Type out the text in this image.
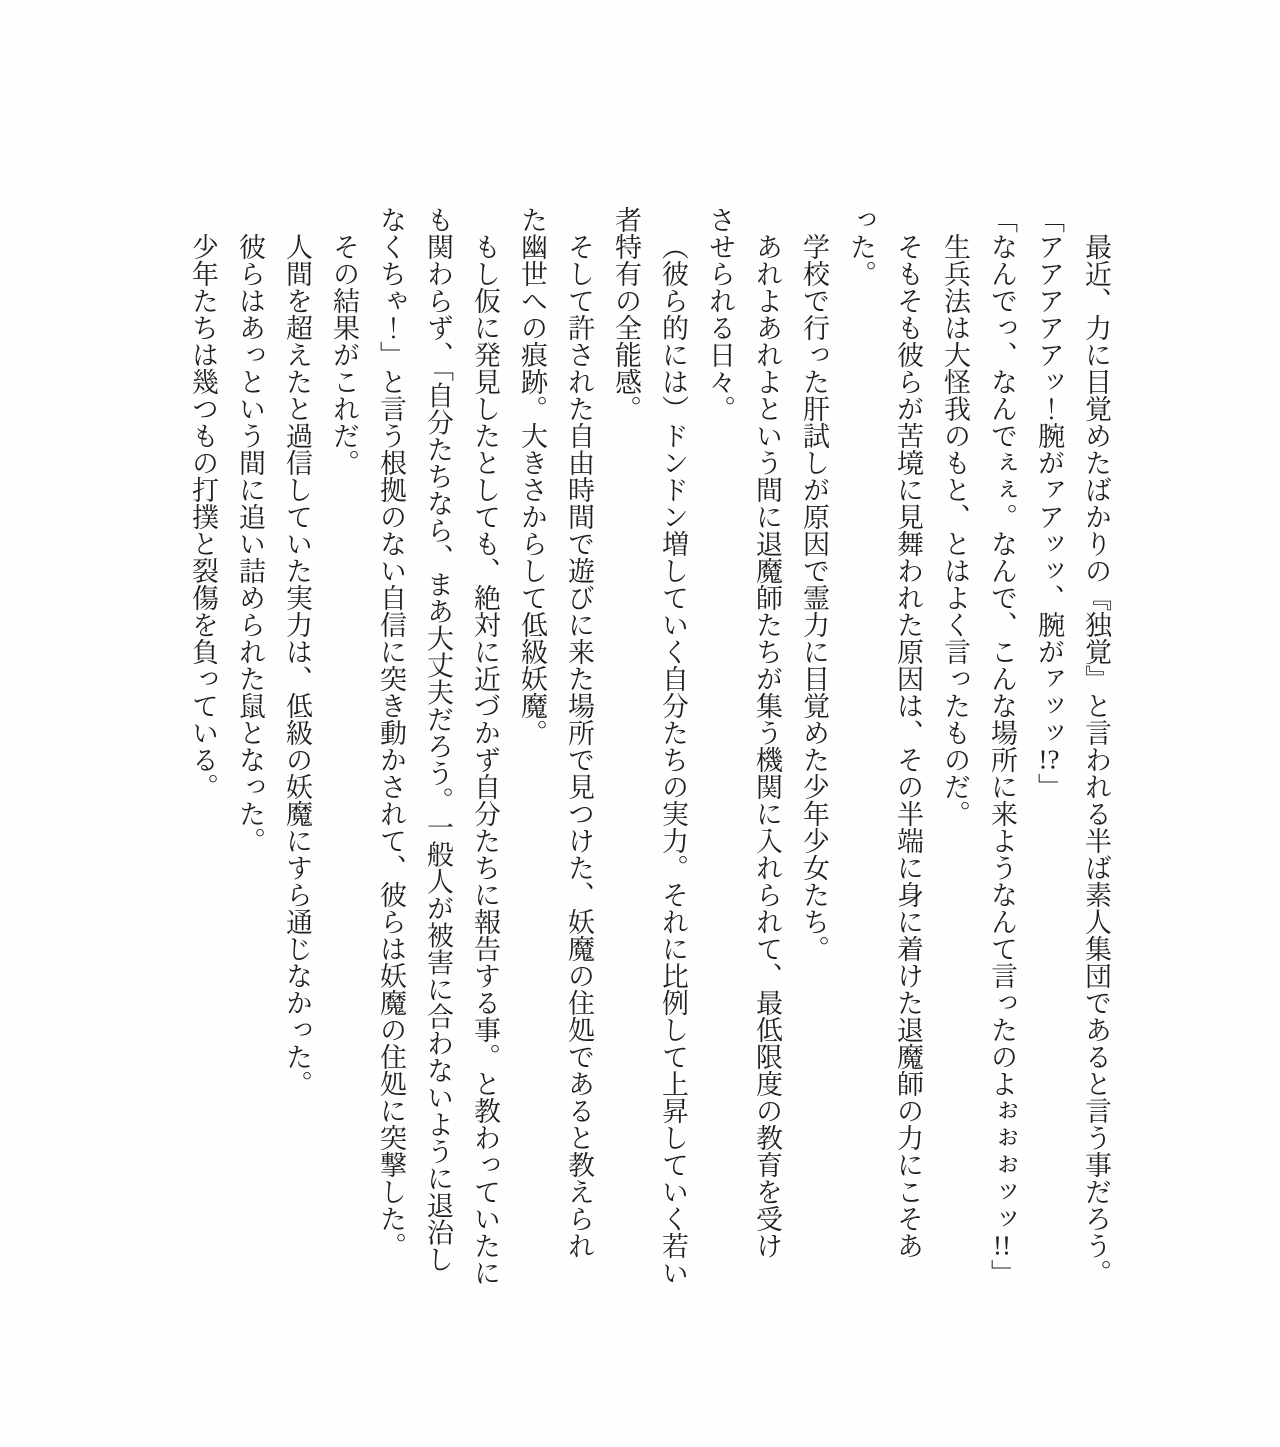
最近、力に目覚めたばかりの『独覚』と言われる半ば素人集団であると言う事だろう。
「アアアアアッ！腕がァアッッ、腕がァッッ!?」
「なんでっ、なんでぇぇ。なんで、こんな場所に来ようなんて言ったのよぉぉぉッッ!!」
生兵法は大怪我のもと、とはよく言ったものだ。
そもそも彼らが苦境に見舞われた原因は、その半端に身に着けた退魔師の力にこそあ
った。
学校で行った肝試しが原因で霊力に目覚めた少年少女たち。
あれよあれよという間に退魔師たちが集う機関に入れられて、最低限度の教育を受け
させられる日々。
（彼ら的には）ドンドン増していく自分たちの実力。それに比例して上昇していく若い
者特有の全能感。
そして許された自由時間で遊びに来た場所で見つけた、妖魔の住処であると教えられ
た幽世への痕跡。大きさからして低級妖魔。
もし仮に発見したとしても、絶対に近づかず自分たちに報告する事。と教わっていたに
も関わらず、「自分たちなら、まあ大丈夫だろう。一般人が被害に合わないように退治し
なくちゃ！」と言う根拠のない自信に突き動かされて、彼らは妖魔の住処に突撃した。
その結果がこれだ。
人間を超えたと過信していた実力は、低級の妖魔にすら通じなかった。
彼らはあっという間に追い詰められた鼠となった。
少年たちは幾つもの打撲と裂傷を負っている。
